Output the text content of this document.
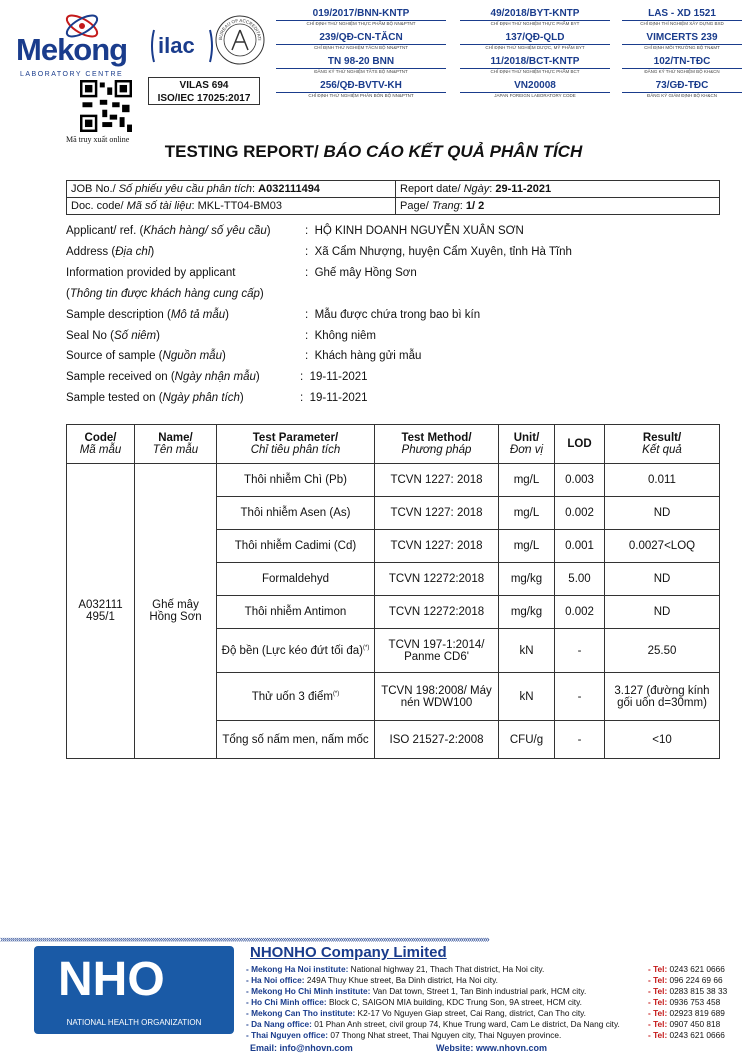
Mekong
LABORATORY CENTRE
Mã truy xuất online
ilac	BUREAU OF ACCREDITATI
VILAS 694
ISO/IEC 17025:2017
019/2017/BNN-KNTP
CHỈ ĐỊNH THỬ NGHIỆM THỰC PHẨM BỘ NN&PTNT
239/QĐ-CN-TĂCN
CHỈ ĐỊNH THỬ NGHIỆM TĂCN BỘ NN&PTNT
TN 98-20 BNN
ĐĂNG KÝ THỬ NGHIỆM TĂTS BỘ NN&PTNT
256/QĐ-BVTV-KH
CHỈ ĐỊNH THỬ NGHIỆM PHÂN BÓN BỘ NN&PTNT
49/2018/BYT-KNTP
CHỈ ĐỊNH THỬ NGHIỆM THỰC PHẨM BYT
137/QĐ-QLD
CHỈ ĐỊNH THỬ NGHIỆM DƯỢC, MỸ PHẨM BYT
11/2018/BCT-KNTP
CHỈ ĐỊNH THỬ NGHIỆM THỰC PHẨM BCT
VN20008
JAPAN FOREIGN LABORATORY CODE
LAS - XD 1521
CHỈ ĐỊNH THÍ NGHIỆM XÂY DỰNG BXD
VIMCERTS 239
CHỈ ĐỊNH MÔI TRƯỜNG BỘ TN&MT
102/TN-TĐC
ĐĂNG KÝ THỬ NGHIỆM BỘ KH&CN
73/GĐ-TĐC
ĐĂNG KÝ GIÁM ĐỊNH BỘ KH&CN
TESTING REPORT/ BÁO CÁO KẾT QUẢ PHÂN TÍCH
JOB No./ Số phiếu yêu cầu phân tích: A032111494	Report date/ Ngày: 29-11-2021
Doc. code/ Mã số tài liệu: MKL-TT04-BM03	Page/ Trang: 1/ 2
Applicant/ ref. (Khách hàng/ số yêu cầu)	:  HỘ KINH DOANH NGUYỄN XUÂN SƠN
Address (Địa chỉ)	:  Xã Cẩm Nhượng, huyện Cẩm Xuyên, tỉnh Hà Tĩnh
Information provided by applicant	:  Ghế mây Hồng Sơn
(Thông tin được khách hàng cung cấp)
Sample description (Mô tả mẫu)	:  Mẫu được chứa trong bao bì kín
Seal No (Số niêm)	:  Không niêm
Source of sample (Nguồn mẫu)	:  Khách hàng gửi mẫu
Sample received on (Ngày nhận mẫu)	:  19-11-2021
Sample tested on (Ngày phân tích)	:  19-11-2021
Code/
Mã mẫu	Name/
Tên mẫu	Test Parameter/
Chỉ tiêu phân tích	Test Method/
Phương pháp	Unit/
Đơn vị	LOD	Result/
Kết quả

A032111 495/1	Ghế mây Hồng Sơn	Thôi nhiễm Chì (Pb)	TCVN 1227: 2018	mg/L	0.003	0.011
		Thôi nhiễm Asen (As)	TCVN 1227: 2018	mg/L	0.002	ND
		Thôi nhiễm Cadimi (Cd)	TCVN 1227: 2018	mg/L	0.001	0.0027<LOQ
		Formaldehyd	TCVN 12272:2018	mg/kg	5.00	ND
		Thôi nhiễm Antimon	TCVN 12272:2018	mg/kg	0.002	ND
		Độ bền (Lực kéo đứt tối đa)(*)	TCVN 197-1:2014/ Panme CD6'	kN	-	25.50
		Thử uốn 3 điểm(*)	TCVN 198:2008/ Máy nén WDW100	kN	-	3.127 (đường kính gối uốn d=30mm)
		Tổng số nấm men, nấm mốc	ISO 21527-2:2008	CFU/g	-	<10
»»»»»»»»»»»»»»»»»»»»»»»»»»»»»»»»»»»»»»»»»»»»»»»»»»»»»»»»»»»»»»»»»»»»»»»»»»»»»»»»»»»»»»»»»»»»»»»»»»»»»»»»»»»»»»»»»»»»»»»»»»
NHO
NATIONAL HEALTH ORGANIZATION
NHONHO Company Limited
- Mekong Ha Noi institute: National highway 21, Thach That district, Ha Noi city.	- Tel: 0243 621 0666
- Ha Noi office: 249A Thuy Khue street, Ba Dinh district, Ha Noi city.	- Tel: 096 224 69 66
- Mekong Ho Chi Minh institute: Van Dat town, Street 1, Tan Binh industrial park, HCM city.	- Tel: 0283 815 38 33
- Ho Chi Minh office: Block C, SAIGON MIA building, KDC Trung Son, 9A street, HCM city.	- Tel: 0936 753 458
- Mekong Can Tho institute: K2-17 Vo Nguyen Giap street, Cai Rang, district, Can Tho city.	- Tel: 02923 819 689
- Da Nang office: 01 Phan Anh street, civil group 74, Khue Trung ward, Cam Le district, Da Nang city.	- Tel: 0907 450 818
- Thai Nguyen office: 07 Thong Nhat street, Thai Nguyen city, Thai Nguyen province.	- Tel: 0243 621 0666
Email: info@nhovn.com	Website: www.nhovn.com
